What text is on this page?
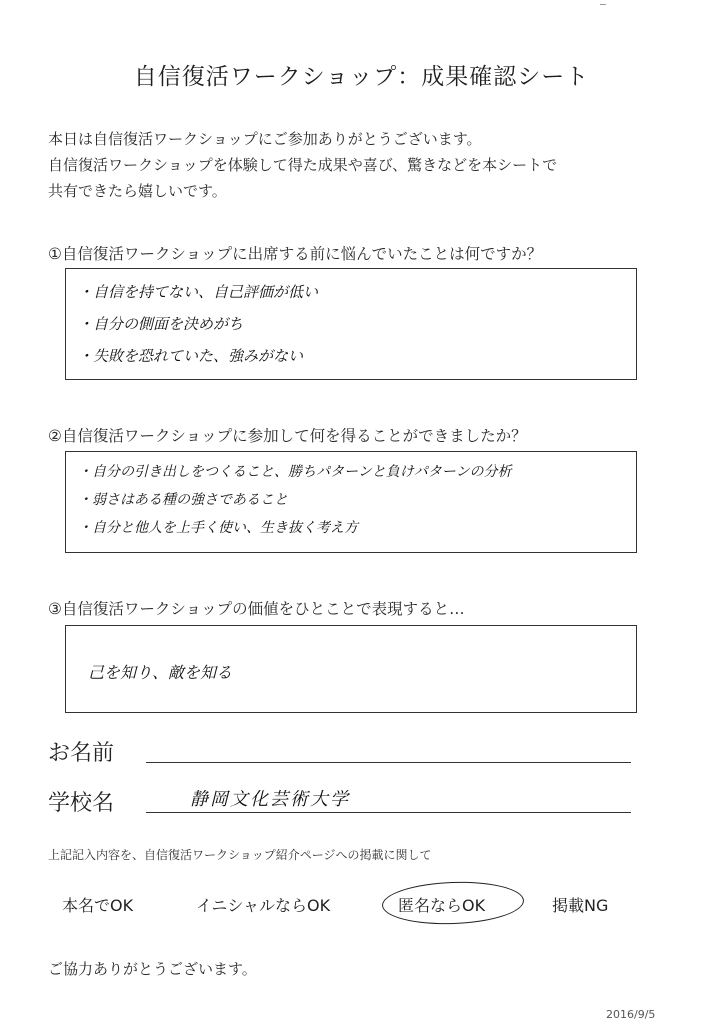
自信復活ワークショップ：成果確認シート
本日は自信復活ワークショップにご参加ありがとうございます。
自信復活ワークショップを体験して得た成果や喜び、驚きなどを本シートで
共有できたら嬉しいです。
①自信復活ワークショップに出席する前に悩んでいたことは何ですか？
・自信を持てない、自己評価が低い
・自分の側面を決めがち
・失敗を恐れていた、強みがない
②自信復活ワークショップに参加して何を得ることができましたか？
・自分の引き出しをつくること、勝ちパターンと負けパターンの分析
・弱さはある種の強さであること
・自分と他人を上手く使い、生き抜く考え方
③自信復活ワークショップの価値をひとことで表現すると…
己を知り、敵を知る
お名前
学校名	静岡文化芸術大学
上記記入内容を、自信復活ワークショップ紹介ページへの掲載に関して
本名でOK	イニシャルならOK	匿名ならOK	掲載NG
ご協力ありがとうございます。
2016/9/5
